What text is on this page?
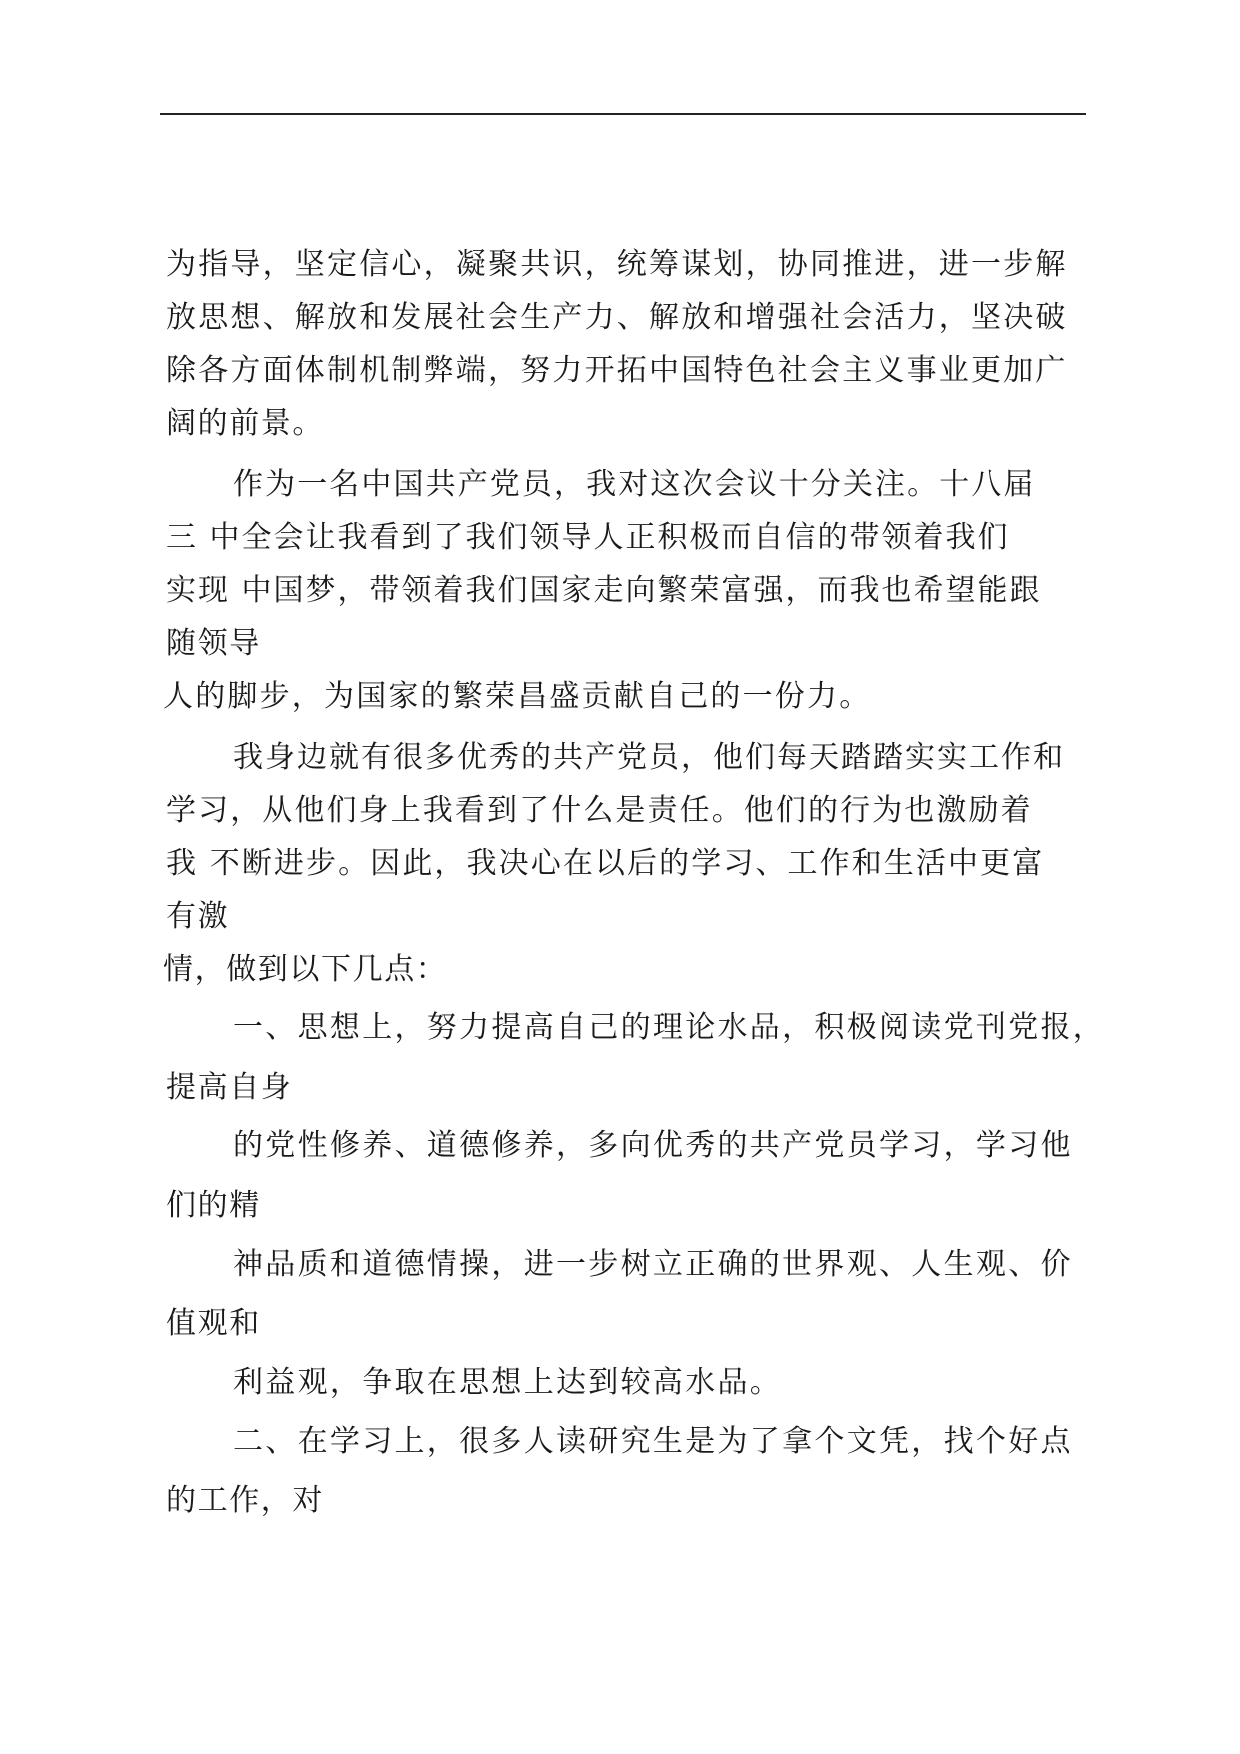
为指导，坚定信心，凝聚共识，统筹谋划，协同推进，进一步解
放思想、解放和发展社会生产力、解放和增强社会活力，坚决破
除各方面体制机制弊端，努力开拓中国特色社会主义事业更加广
阔的前景。
作为一名中国共产党员，我对这次会议十分关注。十八届
三 中全会让我看到了我们领导人正积极而自信的带领着我们
实现 中国梦，带领着我们国家走向繁荣富强，而我也希望能跟
随领导
人的脚步，为国家的繁荣昌盛贡献自己的一份力。
我身边就有很多优秀的共产党员，他们每天踏踏实实工作和
学习，从他们身上我看到了什么是责任。他们的行为也激励着
我 不断进步。因此，我决心在以后的学习、工作和生活中更富
有激
情，做到以下几点：
一、思想上，努力提高自己的理论水品，积极阅读党刊党报，
提高自身
的党性修养、道德修养，多向优秀的共产党员学习，学习他
们的精
神品质和道德情操，进一步树立正确的世界观、人生观、价
值观和
利益观，争取在思想上达到较高水品。
二、在学习上，很多人读研究生是为了拿个文凭，找个好点
的工作，对
